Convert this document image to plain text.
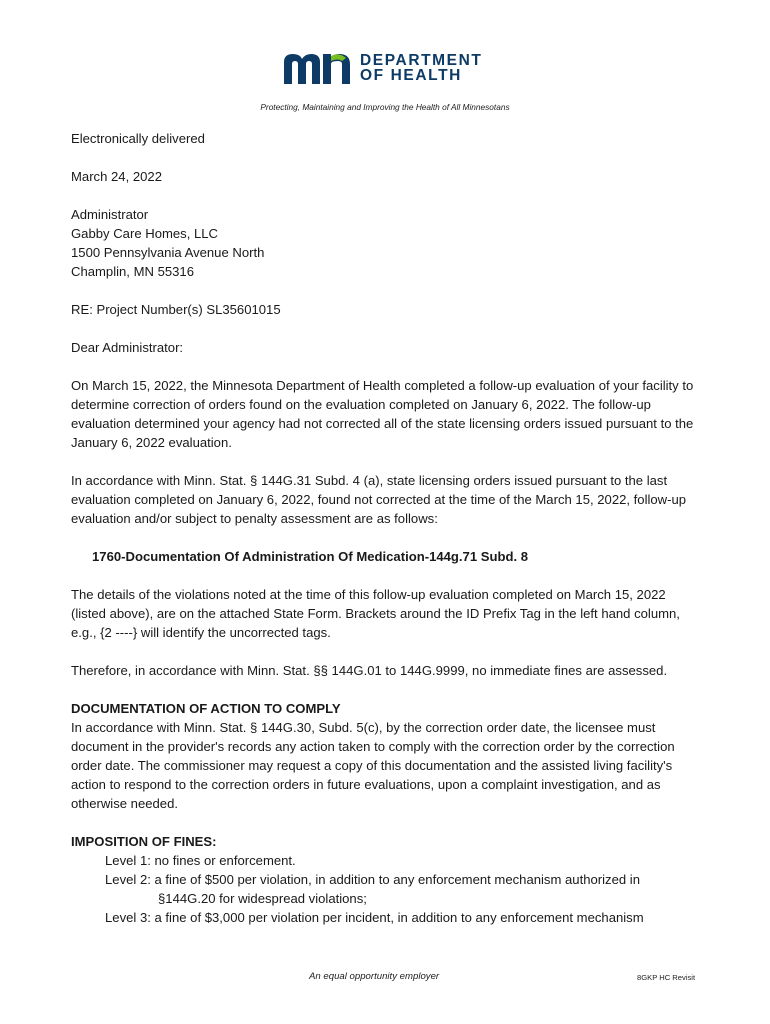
DEPARTMENT
OF HEALTH
Protecting, Maintaining and Improving the Health of All Minnesotans

Electronically delivered

March 24, 2022

Administrator
Gabby Care Homes, LLC
1500 Pennsylvania Avenue North
Champlin, MN 55316

RE: Project Number(s) SL35601015

Dear Administrator:

On March 15, 2022, the Minnesota Department of Health completed a follow-up evaluation of your facility to determine correction of orders found on the evaluation completed on January 6, 2022. The follow-up evaluation determined your agency had not corrected all of the state licensing orders issued pursuant to the January 6, 2022 evaluation.

In accordance with Minn. Stat. § 144G.31 Subd. 4 (a), state licensing orders issued pursuant to the last evaluation completed on January 6, 2022, found not corrected at the time of the March 15, 2022, follow-up evaluation and/or subject to penalty assessment are as follows:

1760-Documentation Of Administration Of Medication-144g.71 Subd. 8

The details of the violations noted at the time of this follow-up evaluation completed on March 15, 2022 (listed above), are on the attached State Form. Brackets around the ID Prefix Tag in the left hand column, e.g., {2 ----} will identify the uncorrected tags.

Therefore, in accordance with Minn. Stat. §§ 144G.01 to 144G.9999, no immediate fines are assessed.

DOCUMENTATION OF ACTION TO COMPLY

In accordance with Minn. Stat. § 144G.30, Subd. 5(c), by the correction order date, the licensee must document in the provider's records any action taken to comply with the correction order by the correction order date. The commissioner may request a copy of this documentation and the assisted living facility's action to respond to the correction orders in future evaluations, upon a complaint investigation, and as otherwise needed.

IMPOSITION OF FINES:
Level 1: no fines or enforcement.
Level 2: a fine of $500 per violation, in addition to any enforcement mechanism authorized in
§144G.20 for widespread violations;
Level 3: a fine of $3,000 per violation per incident, in addition to any enforcement mechanism
An equal opportunity employer	8GKP HC Revisit
